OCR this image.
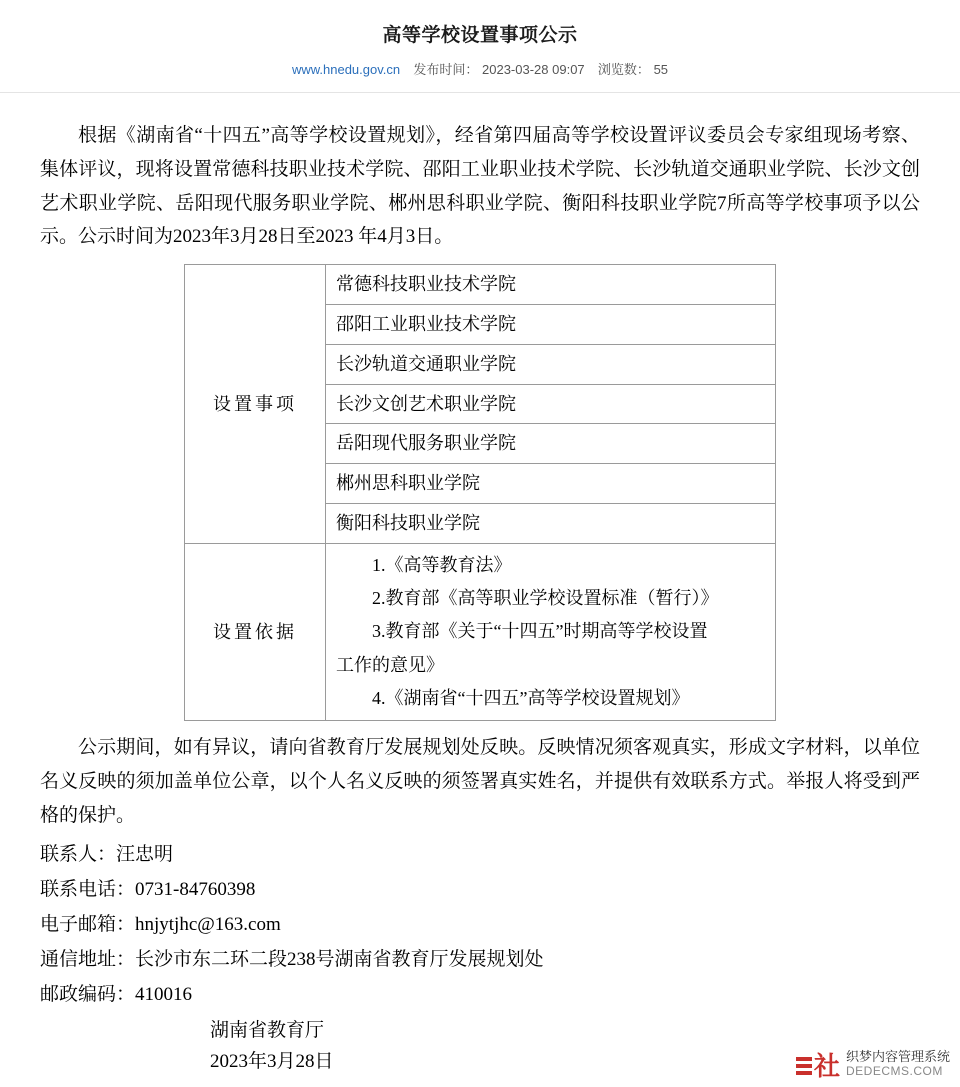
高等学校设置事项公示
www.hnedu.gov.cn 发布时间： 2023-03-28 09:07 浏览数： 55

根据《湖南省“十四五”高等学校设置规划》，经省第四届高等学校设置评议委员会专家组现场考察、集体评议，现将设置常德科技职业技术学院、邵阳工业职业技术学院、长沙轨道交通职业学院、长沙文创艺术职业学院、岳阳现代服务职业学院、郴州思科职业学院、衡阳科技职业学院7所高等学校事项予以公示。公示时间为2023年3月28日至2023 年4月3日。

设置事项	常德科技职业技术学院
	邵阳工业职业技术学院
	长沙轨道交通职业学院
	长沙文创艺术职业学院
	岳阳现代服务职业学院
	郴州思科职业学院
	衡阳科技职业学院
设置依据	1.《高等教育法》
2.教育部《高等职业学校设置标准（暂行）》
3.教育部《关于“十四五”时期高等学校设置
工作的意见》
4.《湖南省“十四五”高等学校设置规划》

公示期间，如有异议，请向省教育厅发展规划处反映。反映情况须客观真实，形成文字材料，以单位名义反映的须加盖单位公章，以个人名义反映的须签署真实姓名，并提供有效联系方式。举报人将受到严格的保护。

联系人：汪忠明

联系电话：0731-84760398

电子邮箱：hnjytjhc@163.com

通信地址：长沙市东二环二段238号湖南省教育厅发展规划处

邮政编码：410016

湖南省教育厅

2023年3月28日	社 织梦内容管理系统
DEDECMS.COM
